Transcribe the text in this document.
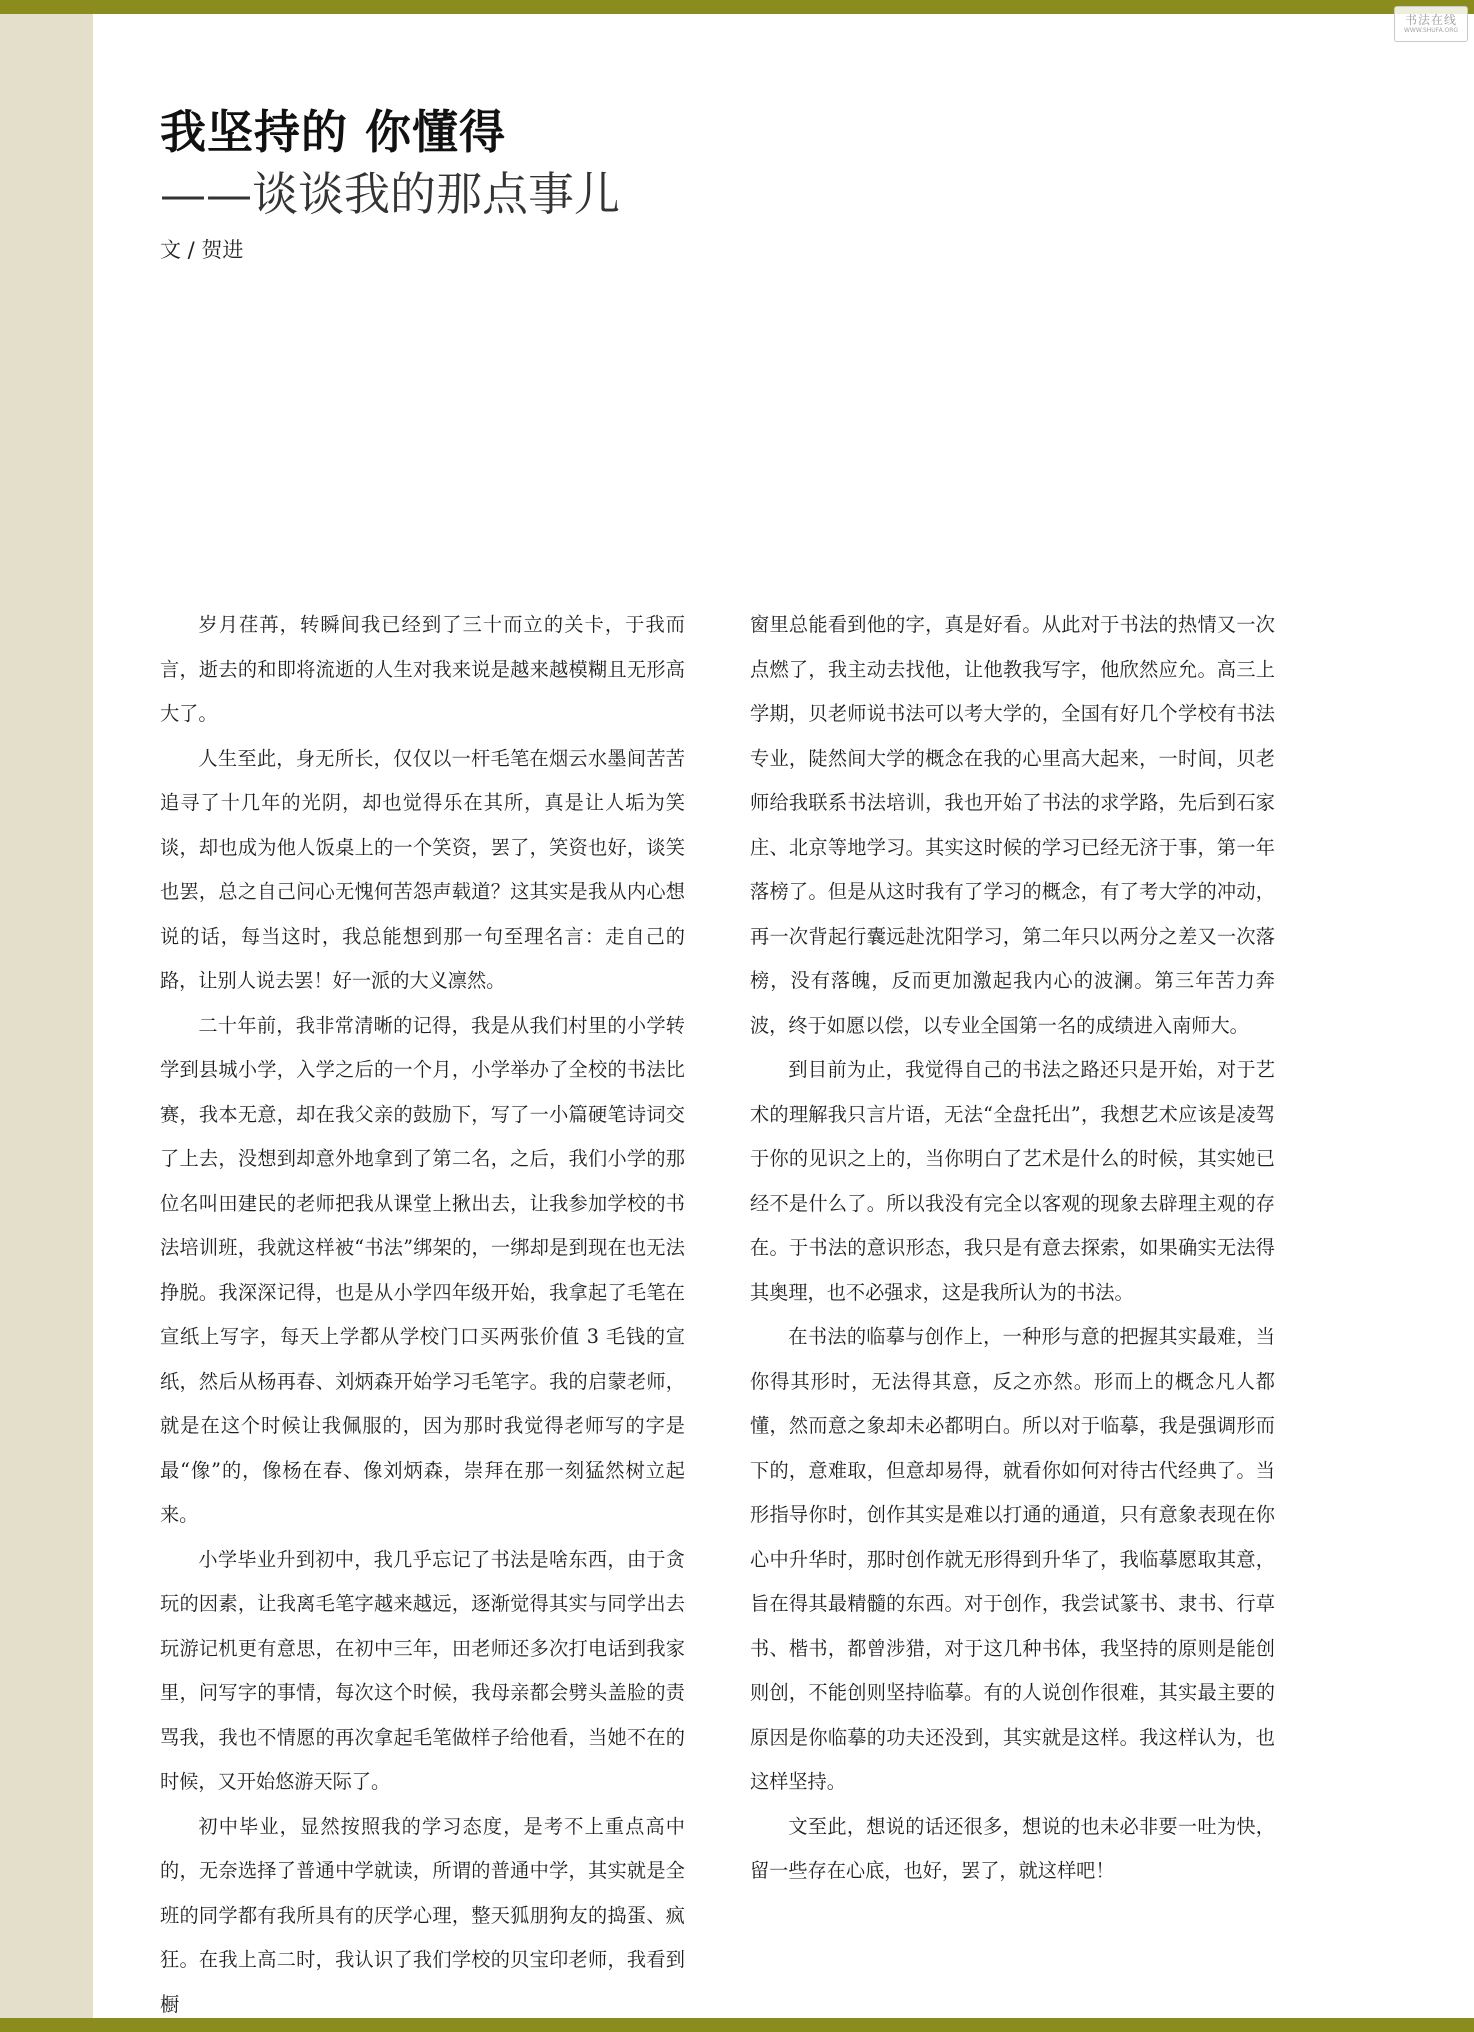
书法在线
WWW.SHUFA.ORG
我坚持的 你懂得
——谈谈我的那点事儿

文 / 贺进

岁月荏苒，转瞬间我已经到了三十而立的关卡，于我而言，逝去的和即将流逝的人生对我来说是越来越模糊且无形高大了。

人生至此，身无所长，仅仅以一杆毛笔在烟云水墨间苦苦追寻了十几年的光阴，却也觉得乐在其所，真是让人垢为笑谈，却也成为他人饭桌上的一个笑资，罢了，笑资也好，谈笑也罢，总之自己问心无愧何苦怨声载道？这其实是我从内心想说的话，每当这时，我总能想到那一句至理名言：走自己的路，让别人说去罢！好一派的大义凛然。

二十年前，我非常清晰的记得，我是从我们村里的小学转学到县城小学，入学之后的一个月，小学举办了全校的书法比赛，我本无意，却在我父亲的鼓励下，写了一小篇硬笔诗词交了上去，没想到却意外地拿到了第二名，之后，我们小学的那位名叫田建民的老师把我从课堂上揪出去，让我参加学校的书法培训班，我就这样被“书法”绑架的，一绑却是到现在也无法挣脱。我深深记得，也是从小学四年级开始，我拿起了毛笔在宣纸上写字，每天上学都从学校门口买两张价值 3 毛钱的宣纸，然后从杨再春、刘炳森开始学习毛笔字。我的启蒙老师，就是在这个时候让我佩服的，因为那时我觉得老师写的字是最“像”的，像杨在春、像刘炳森，崇拜在那一刻猛然树立起来。

小学毕业升到初中，我几乎忘记了书法是啥东西，由于贪玩的因素，让我离毛笔字越来越远，逐渐觉得其实与同学出去玩游记机更有意思，在初中三年，田老师还多次打电话到我家里，问写字的事情，每次这个时候，我母亲都会劈头盖脸的责骂我，我也不情愿的再次拿起毛笔做样子给他看，当她不在的时候，又开始悠游天际了。

初中毕业，显然按照我的学习态度，是考不上重点高中的，无奈选择了普通中学就读，所谓的普通中学，其实就是全班的同学都有我所具有的厌学心理，整天狐朋狗友的捣蛋、疯狂。在我上高二时，我认识了我们学校的贝宝印老师，我看到橱

窗里总能看到他的字，真是好看。从此对于书法的热情又一次点燃了，我主动去找他，让他教我写字，他欣然应允。高三上学期，贝老师说书法可以考大学的，全国有好几个学校有书法专业，陡然间大学的概念在我的心里高大起来，一时间，贝老师给我联系书法培训，我也开始了书法的求学路，先后到石家庄、北京等地学习。其实这时候的学习已经无济于事，第一年落榜了。但是从这时我有了学习的概念，有了考大学的冲动，再一次背起行囊远赴沈阳学习，第二年只以两分之差又一次落榜，没有落魄，反而更加激起我内心的波澜。第三年苦力奔波，终于如愿以偿，以专业全国第一名的成绩进入南师大。

到目前为止，我觉得自己的书法之路还只是开始，对于艺术的理解我只言片语，无法“全盘托出”，我想艺术应该是凌驾于你的见识之上的，当你明白了艺术是什么的时候，其实她已经不是什么了。所以我没有完全以客观的现象去辟理主观的存在。于书法的意识形态，我只是有意去探索，如果确实无法得其奥理，也不必强求，这是我所认为的书法。

在书法的临摹与创作上，一种形与意的把握其实最难，当你得其形时，无法得其意，反之亦然。形而上的概念凡人都懂，然而意之象却未必都明白。所以对于临摹，我是强调形而下的，意难取，但意却易得，就看你如何对待古代经典了。当形指导你时，创作其实是难以打通的通道，只有意象表现在你心中升华时，那时创作就无形得到升华了，我临摹愿取其意，旨在得其最精髓的东西。对于创作，我尝试篆书、隶书、行草书、楷书，都曾涉猎，对于这几种书体，我坚持的原则是能创则创，不能创则坚持临摹。有的人说创作很难，其实最主要的原因是你临摹的功夫还没到，其实就是这样。我这样认为，也这样坚持。

文至此，想说的话还很多，想说的也未必非要一吐为快，留一些存在心底，也好，罢了，就这样吧！
